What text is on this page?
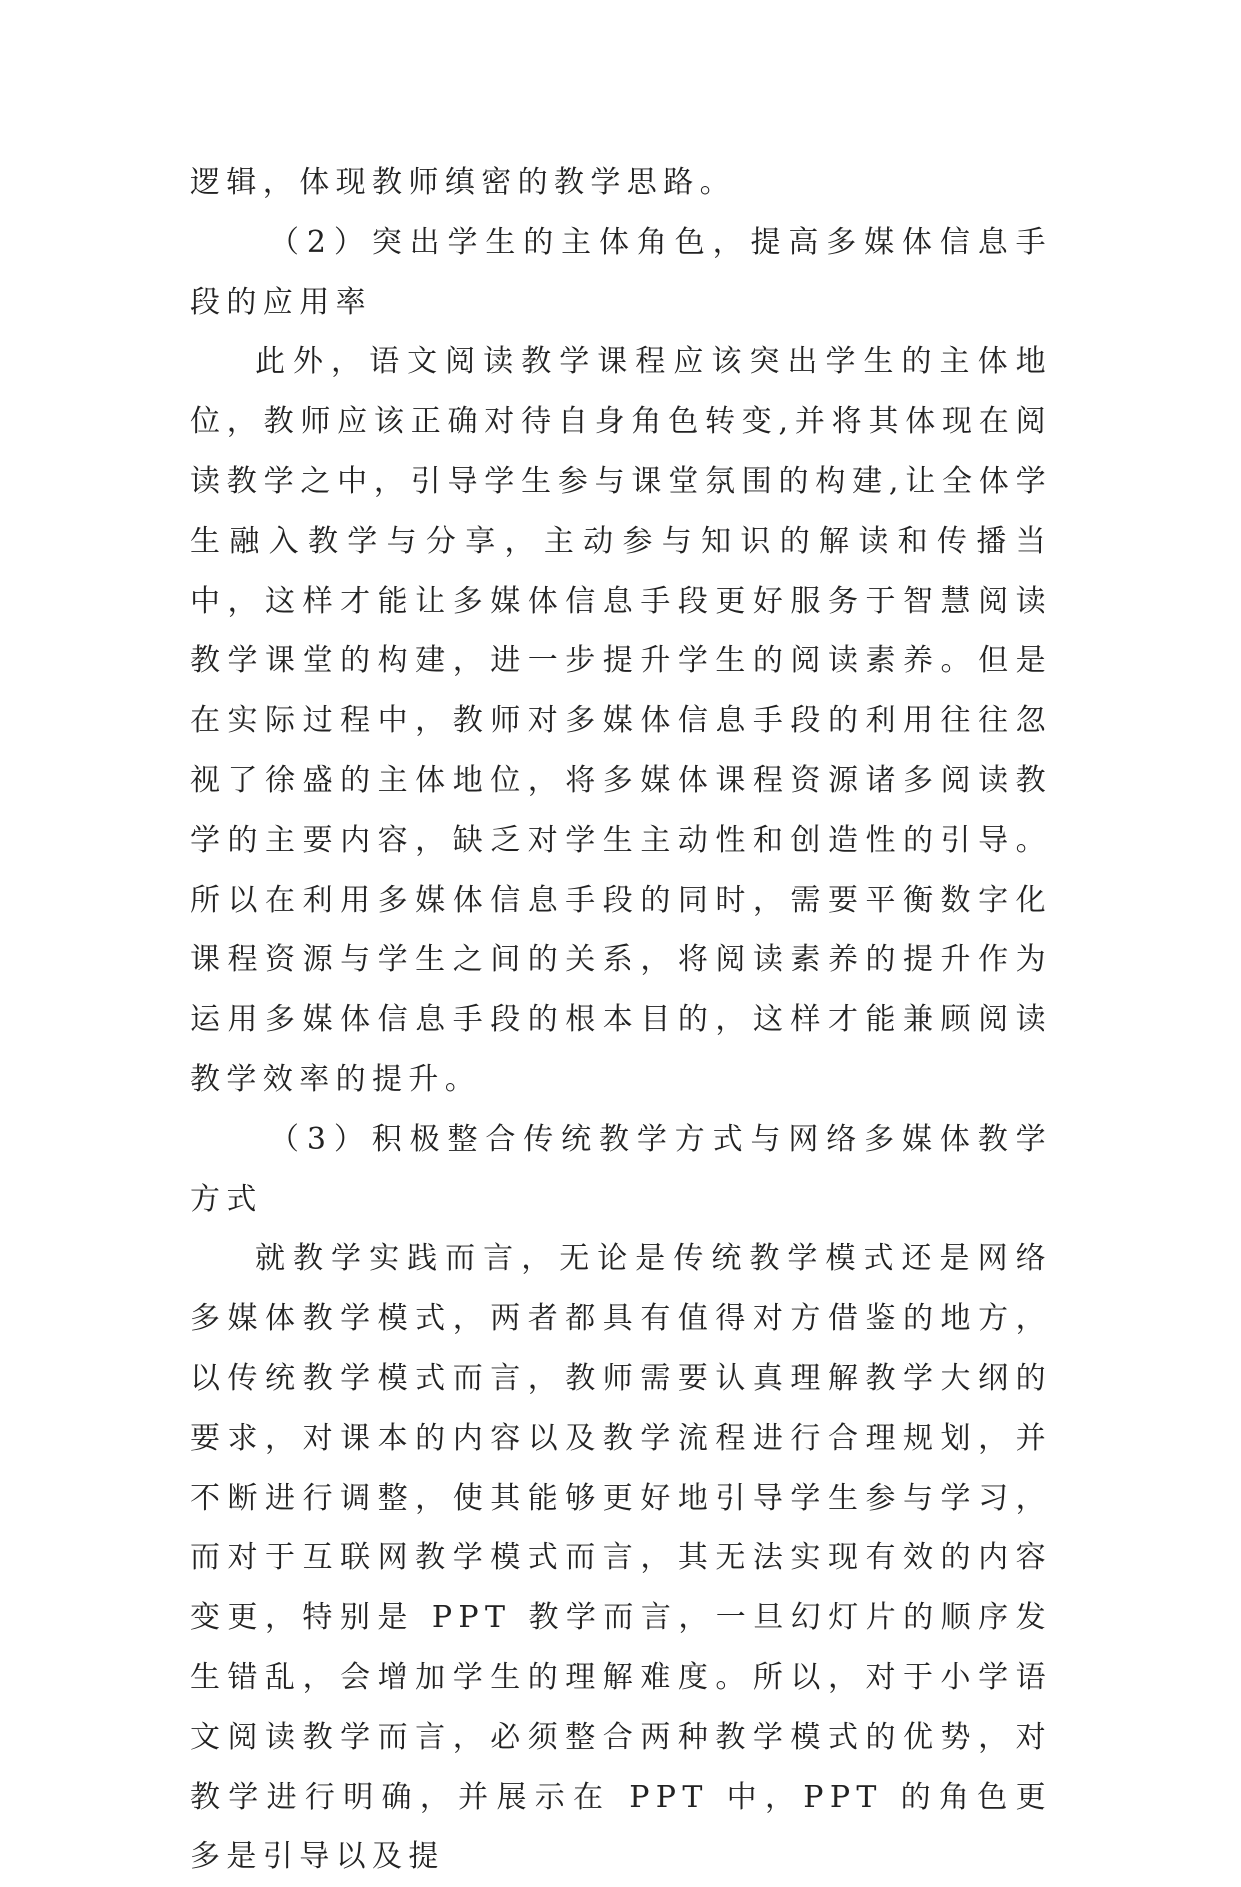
逻辑，体现教师缜密的教学思路。

（2）突出学生的主体角色，提高多媒体信息手段的应用率

此外，语文阅读教学课程应该突出学生的主体地位，教师应该正确对待自身角色转变,并将其体现在阅读教学之中，引导学生参与课堂氛围的构建,让全体学生融入教学与分享，主动参与知识的解读和传播当中，这样才能让多媒体信息手段更好服务于智慧阅读教学课堂的构建，进一步提升学生的阅读素养。但是在实际过程中，教师对多媒体信息手段的利用往往忽视了徐盛的主体地位，将多媒体课程资源诸多阅读教学的主要内容，缺乏对学生主动性和创造性的引导。所以在利用多媒体信息手段的同时，需要平衡数字化课程资源与学生之间的关系，将阅读素养的提升作为运用多媒体信息手段的根本目的，这样才能兼顾阅读教学效率的提升。

（3）积极整合传统教学方式与网络多媒体教学方式

就教学实践而言，无论是传统教学模式还是网络多媒体教学模式，两者都具有值得对方借鉴的地方，以传统教学模式而言，教师需要认真理解教学大纲的要求，对课本的内容以及教学流程进行合理规划，并不断进行调整，使其能够更好地引导学生参与学习，而对于互联网教学模式而言，其无法实现有效的内容变更，特别是 PPT 教学而言，一旦幻灯片的顺序发生错乱，会增加学生的理解难度。所以，对于小学语文阅读教学而言，必须整合两种教学模式的优势，对教学进行明确，并展示在 PPT 中，PPT 的角色更多是引导以及提
